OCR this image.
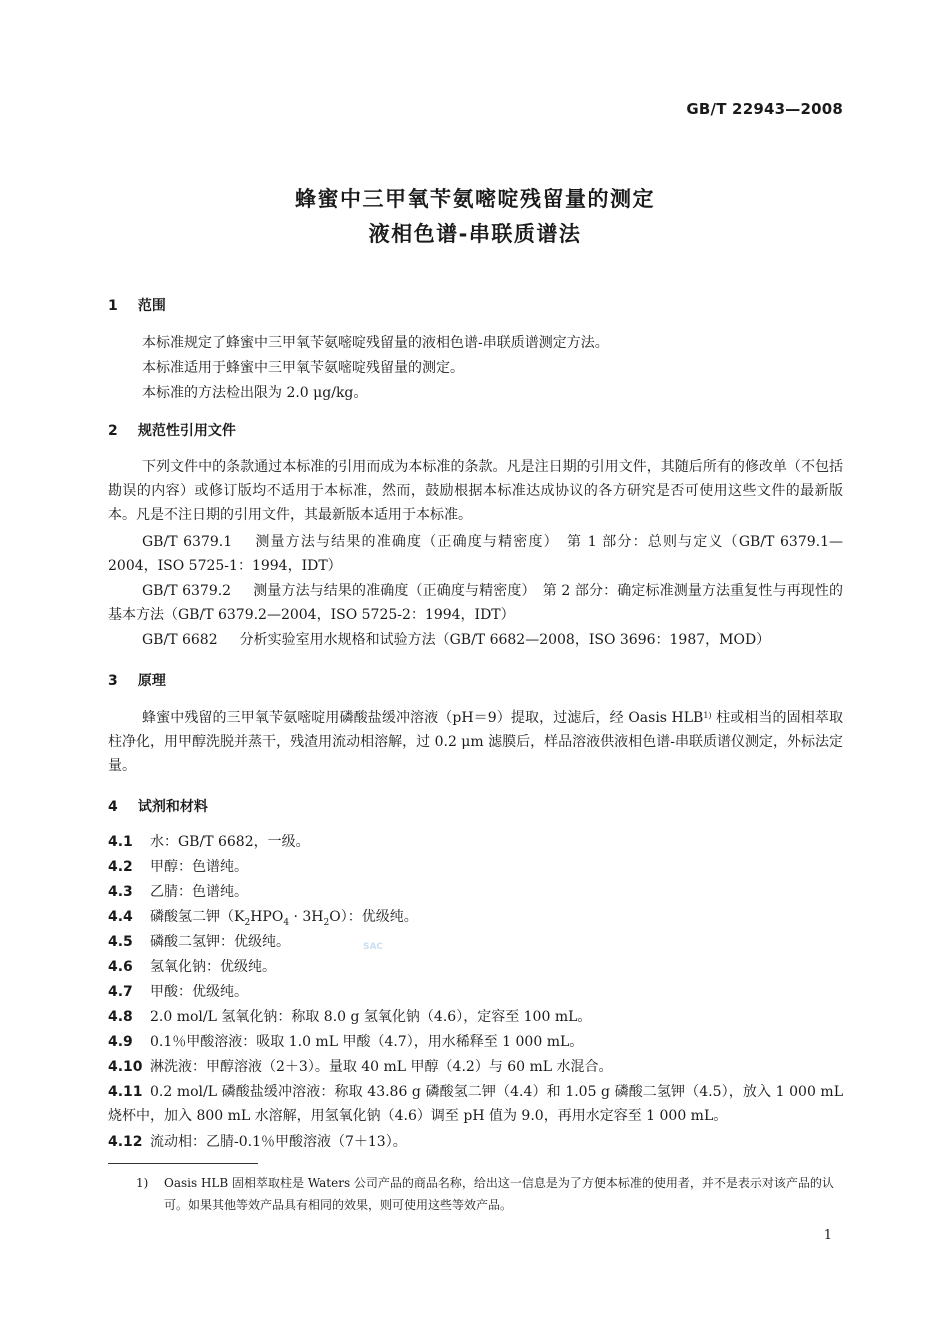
GB/T 22943—2008
蜂蜜中三甲氧苄氨嘧啶残留量的测定
液相色谱-串联质谱法
1 范围
本标准规定了蜂蜜中三甲氧苄氨嘧啶残留量的液相色谱-串联质谱测定方法。
本标准适用于蜂蜜中三甲氧苄氨嘧啶残留量的测定。
本标准的方法检出限为 2.0 μg/kg。
2 规范性引用文件

下列文件中的条款通过本标准的引用而成为本标准的条款。凡是注日期的引用文件，其随后所有的修改单（不包括勘误的内容）或修订版均不适用于本标准，然而，鼓励根据本标准达成协议的各方研究是否可使用这些文件的最新版本。凡是不注日期的引用文件，其最新版本适用于本标准。

GB/T 6379.1 测量方法与结果的准确度（正确度与精密度）　第 1 部分：总则与定义（GB/T 6379.1—2004，ISO 5725-1：1994，IDT）

GB/T 6379.2 测量方法与结果的准确度（正确度与精密度）　第 2 部分：确定标准测量方法重复性与再现性的基本方法（GB/T 6379.2—2004，ISO 5725-2：1994，IDT）

GB/T 6682 分析实验室用水规格和试验方法（GB/T 6682—2008，ISO 3696：1987，MOD）

3 原理

蜂蜜中残留的三甲氧苄氨嘧啶用磷酸盐缓冲溶液（pH＝9）提取，过滤后，经 Oasis HLB$^{1)}$ 柱或相当的固相萃取柱净化，用甲醇洗脱并蒸干，残渣用流动相溶解，过 0.2 μm 滤膜后，样品溶液供液相色谱-串联质谱仪测定，外标法定量。

4 试剂和材料

4.1 水：GB/T 6682，一级。

4.2 甲醇：色谱纯。

4.3 乙腈：色谱纯。

4.4 磷酸氢二钾$(K_2HPO_4 \cdot 3H_2O)$：优级纯。

4.5 磷酸二氢钾：优级纯。

4.6 氢氧化钠：优级纯。

4.7 甲酸：优级纯。

4.8 2.0 mol/L 氢氧化钠：称取 8.0 g 氢氧化钠（4.6），定容至 100 mL。

4.9 0.1％甲酸溶液：吸取 1.0 mL 甲酸（4.7），用水稀释至 1 000 mL。

4.10 淋洗液：甲醇溶液（2＋3）。量取 40 mL 甲醇（4.2）与 60 mL 水混合。

4.11 0.2 mol/L 磷酸盐缓冲溶液：称取 43.86 g 磷酸氢二钾（4.4）和 1.05 g 磷酸二氢钾（4.5），放入 1 000 mL 烧杯中，加入 800 mL 水溶解，用氢氧化钠（4.6）调至 pH 值为 9.0，再用水定容至 1 000 mL。

4.12 流动相：乙腈-0.1％甲酸溶液（7＋13）。

SAC
1) Oasis HLB 固相萃取柱是 Waters 公司产品的商品名称，给出这一信息是为了方便本标准的使用者，并不是表示对该产品的认可。如果其他等效产品具有相同的效果，则可使用这些等效产品。
1
